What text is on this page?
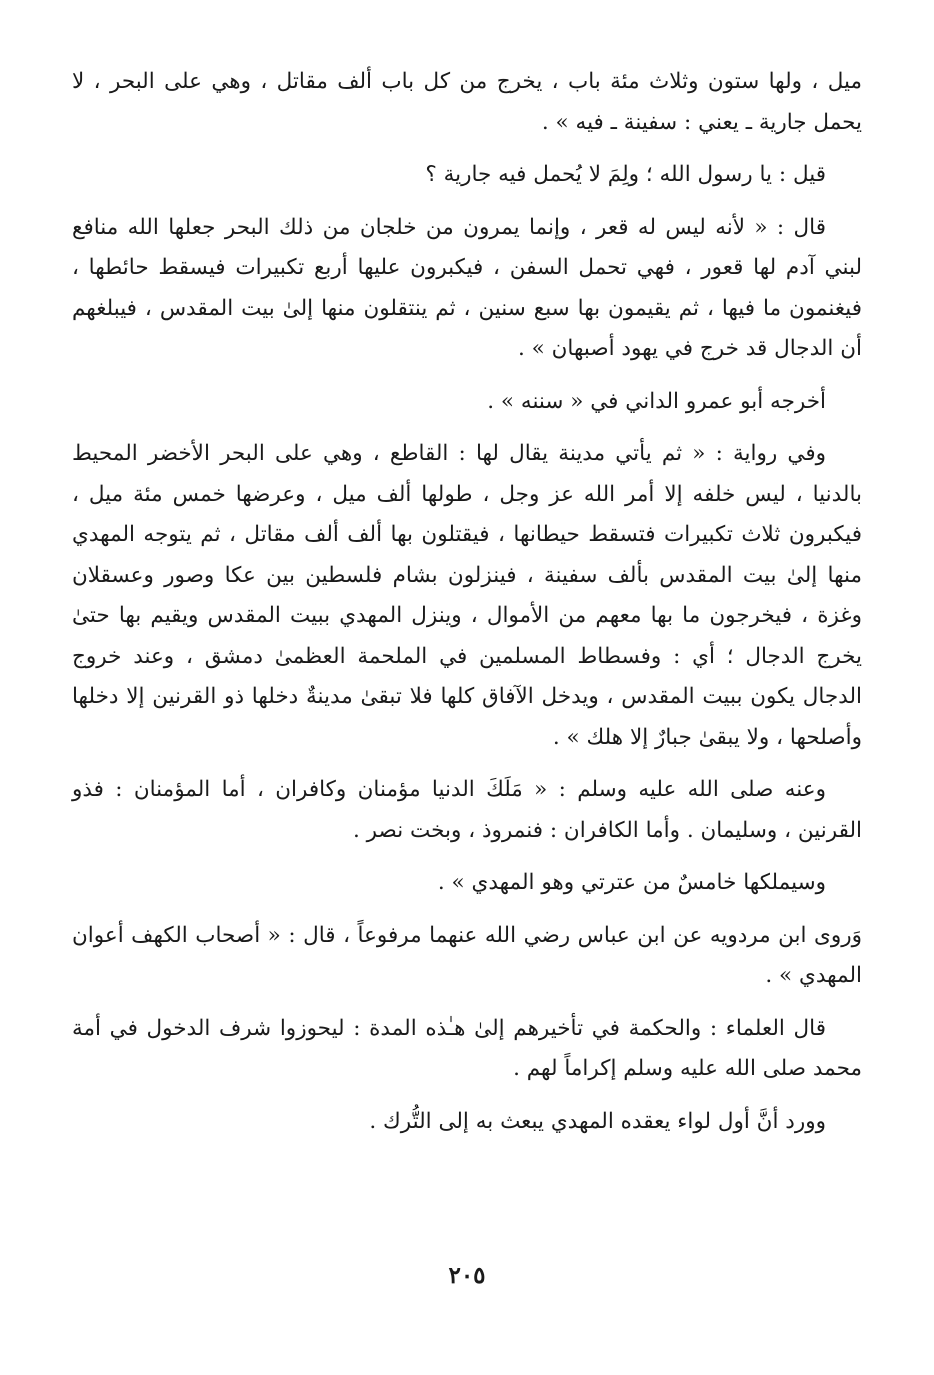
ميل ، ولها ستون وثلاث مئة باب ، يخرج من كل باب ألف مقاتل ، وهي على البحر ، لا يحمل جارية ـ يعني : سفينة ـ فيه » .

قيل : يا رسول الله ؛ ولِمَ لا يُحمل فيه جارية ؟

قال : « لأنه ليس له قعر ، وإنما يمرون من خلجان من ذلك البحر جعلها الله منافع لبني آدم لها قعور ، فهي تحمل السفن ، فيكبرون عليها أربع تكبيرات فيسقط حائطها ، فيغنمون ما فيها ، ثم يقيمون بها سبع سنين ، ثم ينتقلون منها إلىٰ بيت المقدس ، فيبلغهم أن الدجال قد خرج في يهود أصبهان » .

أخرجه أبو عمرو الداني في « سننه » .

وفي رواية : « ثم يأتي مدينة يقال لها : القاطع ، وهي على البحر الأخضر المحيط بالدنيا ، ليس خلفه إلا أمر الله عز وجل ، طولها ألف ميل ، وعرضها خمس مئة ميل ، فيكبرون ثلاث تكبيرات فتسقط حيطانها ، فيقتلون بها ألف ألف مقاتل ، ثم يتوجه المهدي منها إلىٰ بيت المقدس بألف سفينة ، فينزلون بشام فلسطين بين عكا وصور وعسقلان وغزة ، فيخرجون ما بها معهم من الأموال ، وينزل المهدي ببيت المقدس ويقيم بها حتىٰ يخرج الدجال ؛ أي : وفسطاط المسلمين في الملحمة العظمىٰ دمشق ، وعند خروج الدجال يكون ببيت المقدس ، ويدخل الآفاق كلها فلا تبقىٰ مدينةٌ دخلها ذو القرنين إلا دخلها وأصلحها ، ولا يبقىٰ جبارٌ إلا هلك » .

وعنه صلى الله عليه وسلم : « مَلَكَ الدنيا مؤمنان وكافران ، أما المؤمنان : فذو القرنين ، وسليمان . وأما الكافران : فنمروذ ، وبخت نصر .

وسيملكها خامسٌ من عترتي وهو المهدي » .

وَروى ابن مردويه عن ابن عباس رضي الله عنهما مرفوعاً ، قال : « أصحاب الكهف أعوان المهدي » .

قال العلماء : والحكمة في تأخيرهم إلىٰ هـٰذه المدة : ليحوزوا شرف الدخول في أمة محمد صلى الله عليه وسلم إكراماً لهم .

وورد أنَّ أول لواء يعقده المهدي يبعث به إلى التُّرك .

٢٠٥
